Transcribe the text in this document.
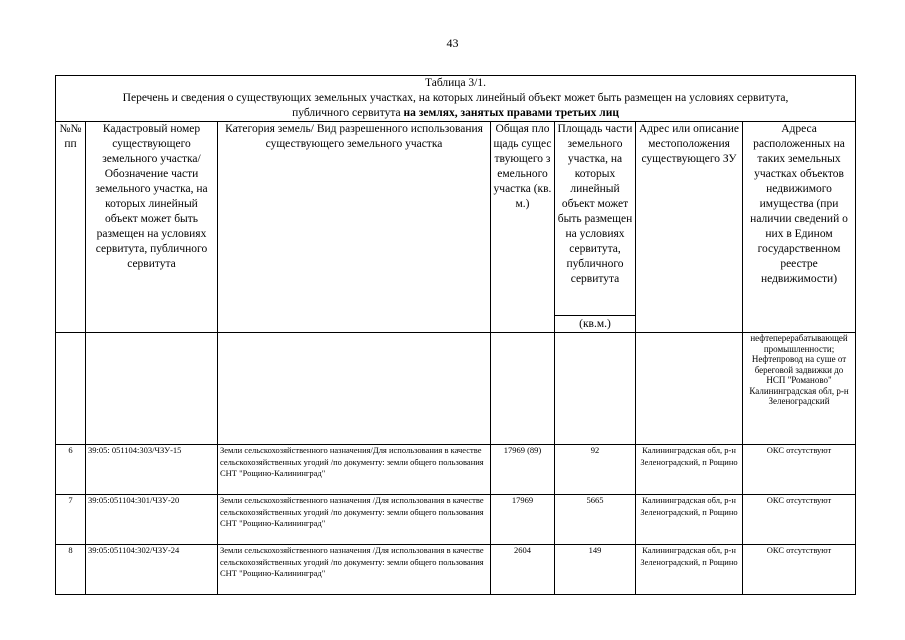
43
Таблица 3/1.
Перечень и сведения о существующих земельных участках, на которых линейный объект может быть размещен на условиях сервитута,
публичного сервитута на землях, занятых правами третьих лиц						

№№ пп	Кадастровый номер существующего земельного участка/ Обозначение части земельного участка, на которых линейный объект может быть размещен на условиях сервитута, публичного сервитута	Категория земель/ Вид разрешенного использования существующего земельного участка	Общая площадь существующего земельного участка (кв.м.)	Площадь части земельного участка, на которых линейный объект может быть размещен на условиях сервитута, публичного сервитута	Адрес или описание местоположения существующего ЗУ	Адреса расположенных на таких земельных участках объектов недвижимого имущества (при наличии сведений о них в Едином государственном реестре недвижимости)
				(кв.м.)		
						нефтеперерабатывающей промышленности; Нефтепровод на суше от береговой задвижки до НСП "Романово" Калининградская обл, р-н Зеленоградский
6	39:05: 051104:303/ЧЗУ-15	Земли сельскохозяйственного назначения/Для использования в качестве сельскохозяйственных угодий /по документу: земли общего пользования СНТ "Рощино-Калининград"	17969 (89)	92	Калининградская обл, р-н Зеленоградский, п Рощино	ОКС отсутствуют
7	39:05:051104:301/ЧЗУ-20	Земли сельскохозяйственного назначения /Для использования в качестве сельскохозяйственных угодий /по документу: земли общего пользования СНТ "Рощино-Калининград"	17969	5665	Калининградская обл, р-н Зеленоградский, п Рощино	ОКС отсутствуют
8	39:05:051104:302/ЧЗУ-24	Земли сельскохозяйственного назначения /Для использования в качестве сельскохозяйственных угодий /по документу: земли общего пользования СНТ "Рощино-Калининград"	2604	149	Калининградская обл, р-н Зеленоградский, п Рощино	ОКС отсутствуют
